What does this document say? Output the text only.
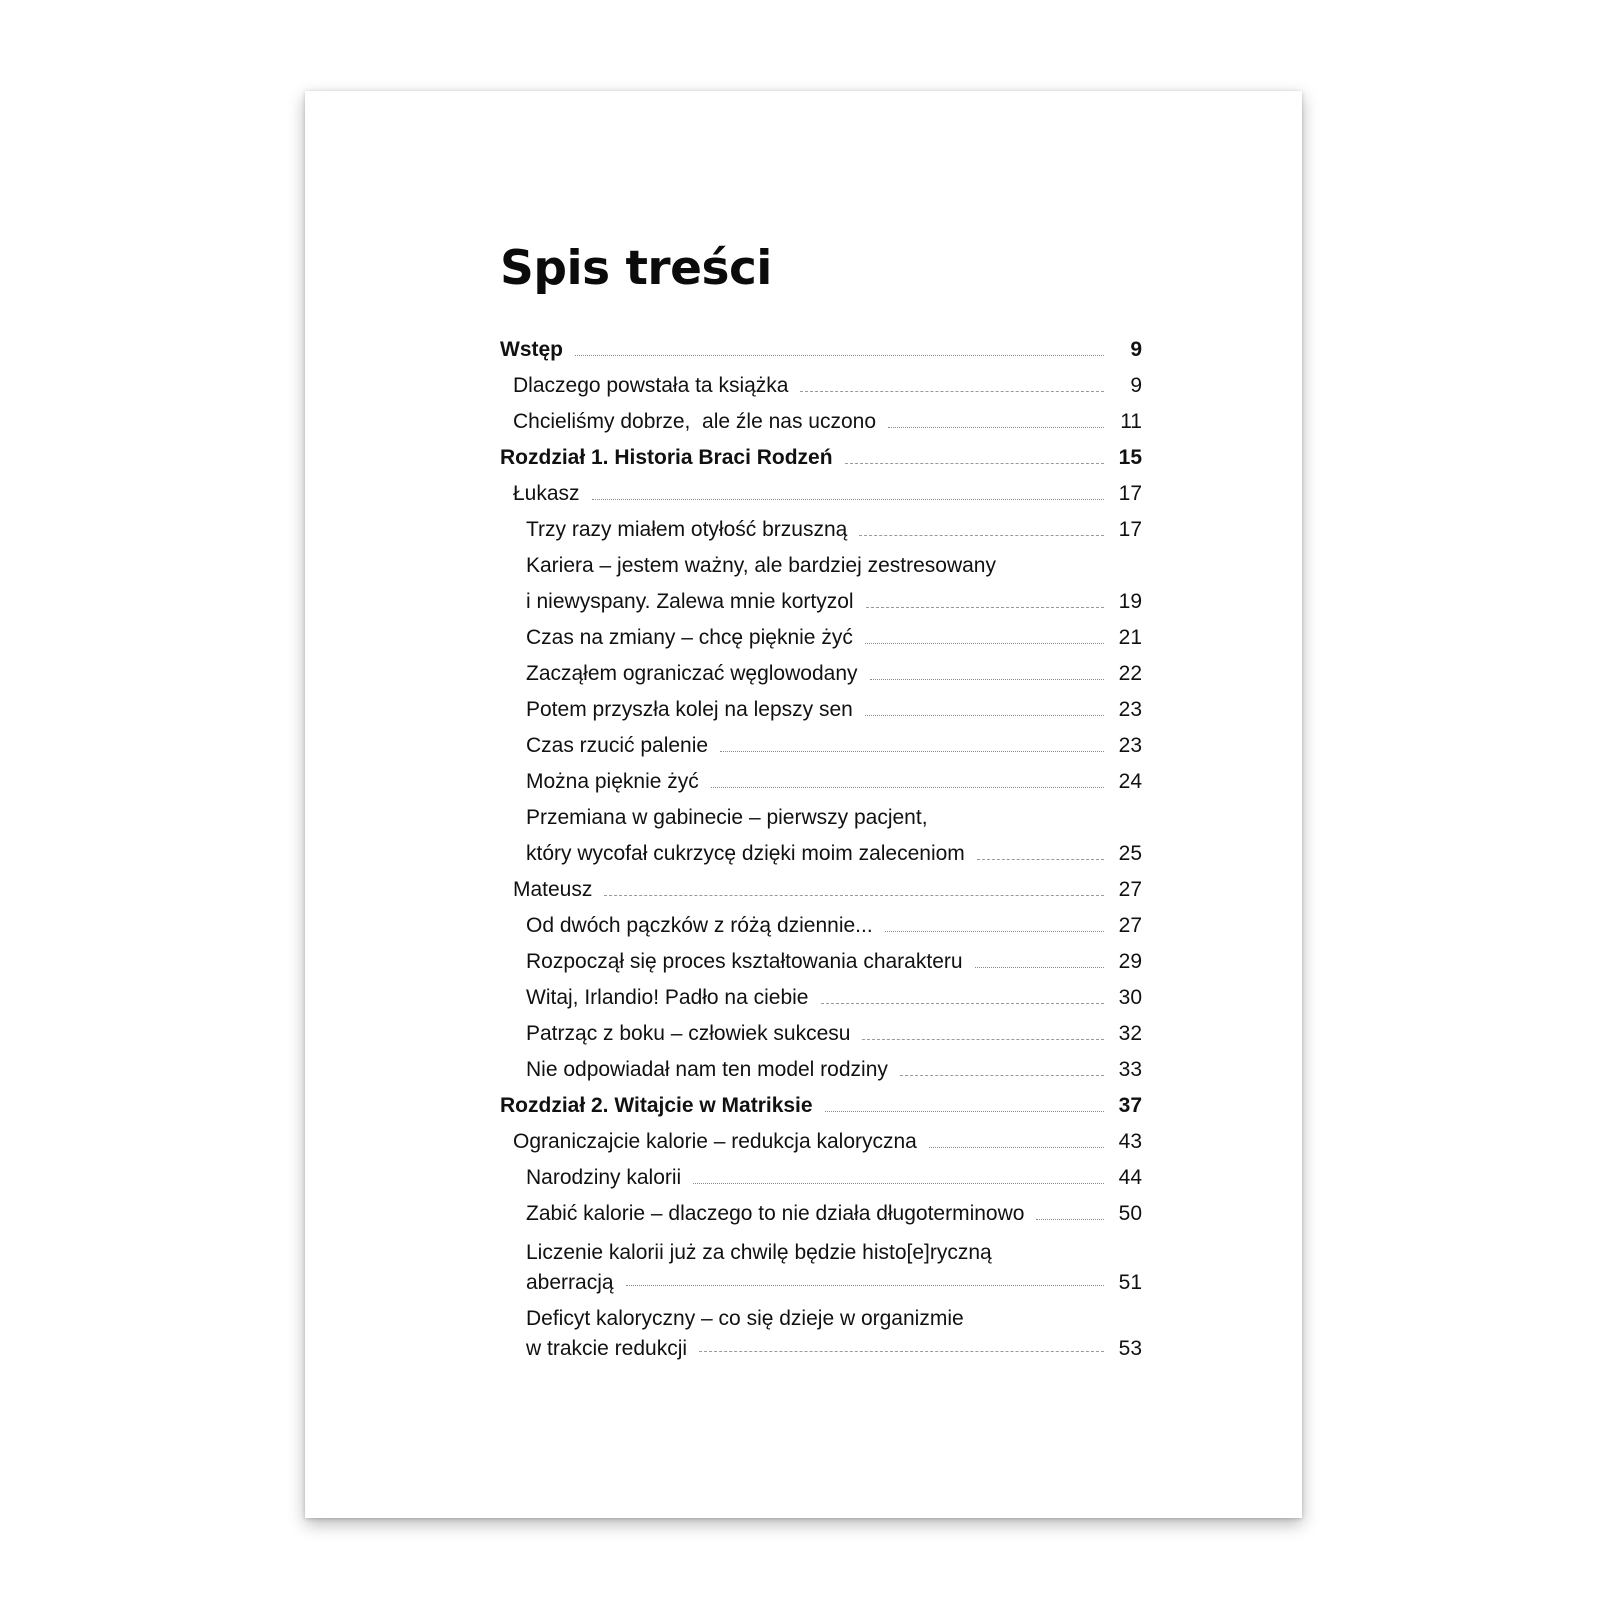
Spis treści
Wstęp	9
Dlaczego powstała ta książka	9
Chcieliśmy dobrze,  ale źle nas uczono	11
Rozdział 1. Historia Braci Rodzeń	15
Łukasz	17
Trzy razy miałem otyłość brzuszną	17
Kariera – jestem ważny, ale bardziej zestresowany
i niewyspany. Zalewa mnie kortyzol	19
Czas na zmiany – chcę pięknie żyć	21
Zacząłem ograniczać węglowodany	22
Potem przyszła kolej na lepszy sen	23
Czas rzucić palenie	23
Można pięknie żyć	24
Przemiana w gabinecie – pierwszy pacjent,
który wycofał cukrzycę dzięki moim zaleceniom	25
Mateusz	27
Od dwóch pączków z różą dziennie...	27
Rozpoczął się proces kształtowania charakteru	29
Witaj, Irlandio! Padło na ciebie	30
Patrząc z boku – człowiek sukcesu	32
Nie odpowiadał nam ten model rodziny	33
Rozdział 2. Witajcie w Matriksie	37
Ograniczajcie kalorie – redukcja kaloryczna	43
Narodziny kalorii	44
Zabić kalorie – dlaczego to nie działa długoterminowo	50
Liczenie kalorii już za chwilę będzie histo[e]ryczną
aberracją	51
Deficyt kaloryczny – co się dzieje w organizmie
w trakcie redukcji	53
